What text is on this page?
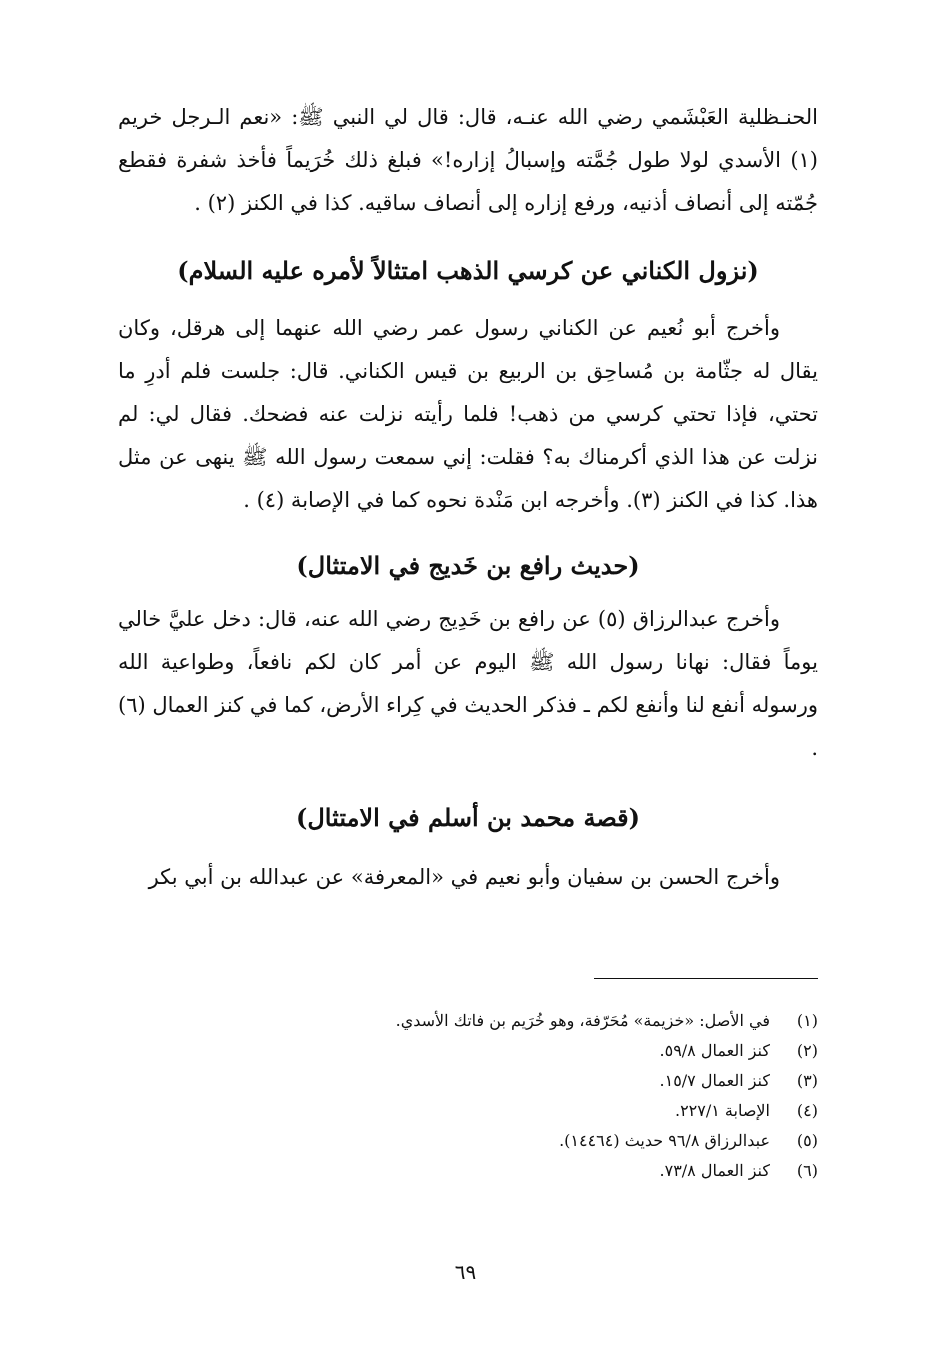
الحنـظلية العَبْشَمي رضي الله عنـه، قال: قال لي النبي ﷺ: «نعم الـرجل خريم (١) الأسدي لولا طول جُمَّته وإسبالُ إزاره!» فبلغ ذلك خُرَيماً فأخذ شفرة فقطع جُمّته إلى أنصاف أذنيه، ورفع إزاره إلى أنصاف ساقيه. كذا في الكنز (٢) .

(نزول الكناني عن كرسي الذهب امتثالاً لأمره عليه السلام)

وأخرج أبو نُعيم عن الكناني رسول عمر رضي الله عنهما إلى هرقل، وكان يقال له جثّامة بن مُساحِق بن الربيع بن قيس الكناني. قال: جلست فلم أدرِ ما تحتي، فإذا تحتي كرسي من ذهب! فلما رأيته نزلت عنه فضحك. فقال لي: لم نزلت عن هذا الذي أكرمناك به؟ فقلت: إني سمعت رسول الله ﷺ ينهى عن مثل هذا. كذا في الكنز (٣). وأخرجه ابن مَنْدة نحوه كما في الإصابة (٤) .

(حديث رافع بن خَديج في الامتثال)

وأخرج عبدالرزاق (٥) عن رافع بن خَدِيج رضي الله عنه، قال: دخل عليَّ خالي يوماً فقال: نهانا رسول الله ﷺ اليوم عن أمر كان لكم نافعاً، وطواعية الله ورسوله أنفع لنا وأنفع لكم ـ فذكر الحديث في كِراء الأرض، كما في كنز العمال (٦) .

(قصة محمد بن أسلم في الامتثال)

وأخرج الحسن بن سفيان وأبو نعيم في «المعرفة» عن عبدالله بن أبي بكر

(١)
في الأصل: «خزيمة» مُحَرّفة، وهو خُرَيم بن فاتك الأسدي.
(٢)
كنز العمال ٥٩/٨.
(٣)
كنز العمال ١٥/٧.
(٤)
الإصابة ٢٢٧/١.
(٥)
عبدالرزاق ٩٦/٨ حديث (١٤٤٦٤).
(٦)
كنز العمال ٧٣/٨.
٦٩
